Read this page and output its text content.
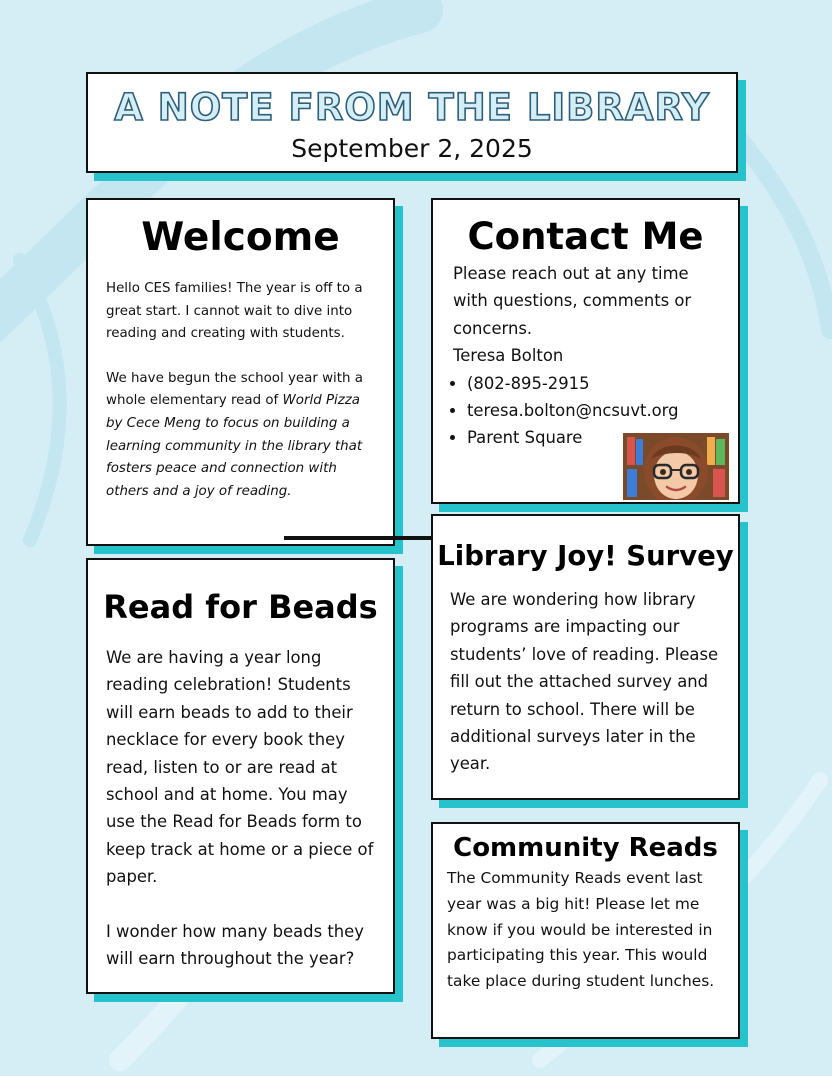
A NOTE FROM THE LIBRARY
September 2, 2025
Welcome

Hello CES families! The year is off to a great start. I cannot wait to dive into reading and creating with students.

We have begun the school year with a whole elementary read of World Pizza by Cece Meng to focus on building a learning community in the library that fosters peace and connection with others and a joy of reading.

Contact Me

Please reach out at any time with questions, comments or concerns.

Teresa Bolton

• (802-895-2915
• teresa.bolton@ncsuvt.org
• Parent Square
Library Joy! Survey

We are wondering how library programs are impacting our students’ love of reading. Please fill out the attached survey and return to school. There will be additional surveys later in the year.

Read for Beads

We are having a year long reading celebration! Students will earn beads to add to their necklace for every book they read, listen to or are read at school and at home. You may use the Read for Beads form to keep track at home or a piece of paper.

I wonder how many beads they will earn throughout the year?

Community Reads

The Community Reads event last year was a big hit! Please let me know if you would be interested in participating this year. This would take place during student lunches.
